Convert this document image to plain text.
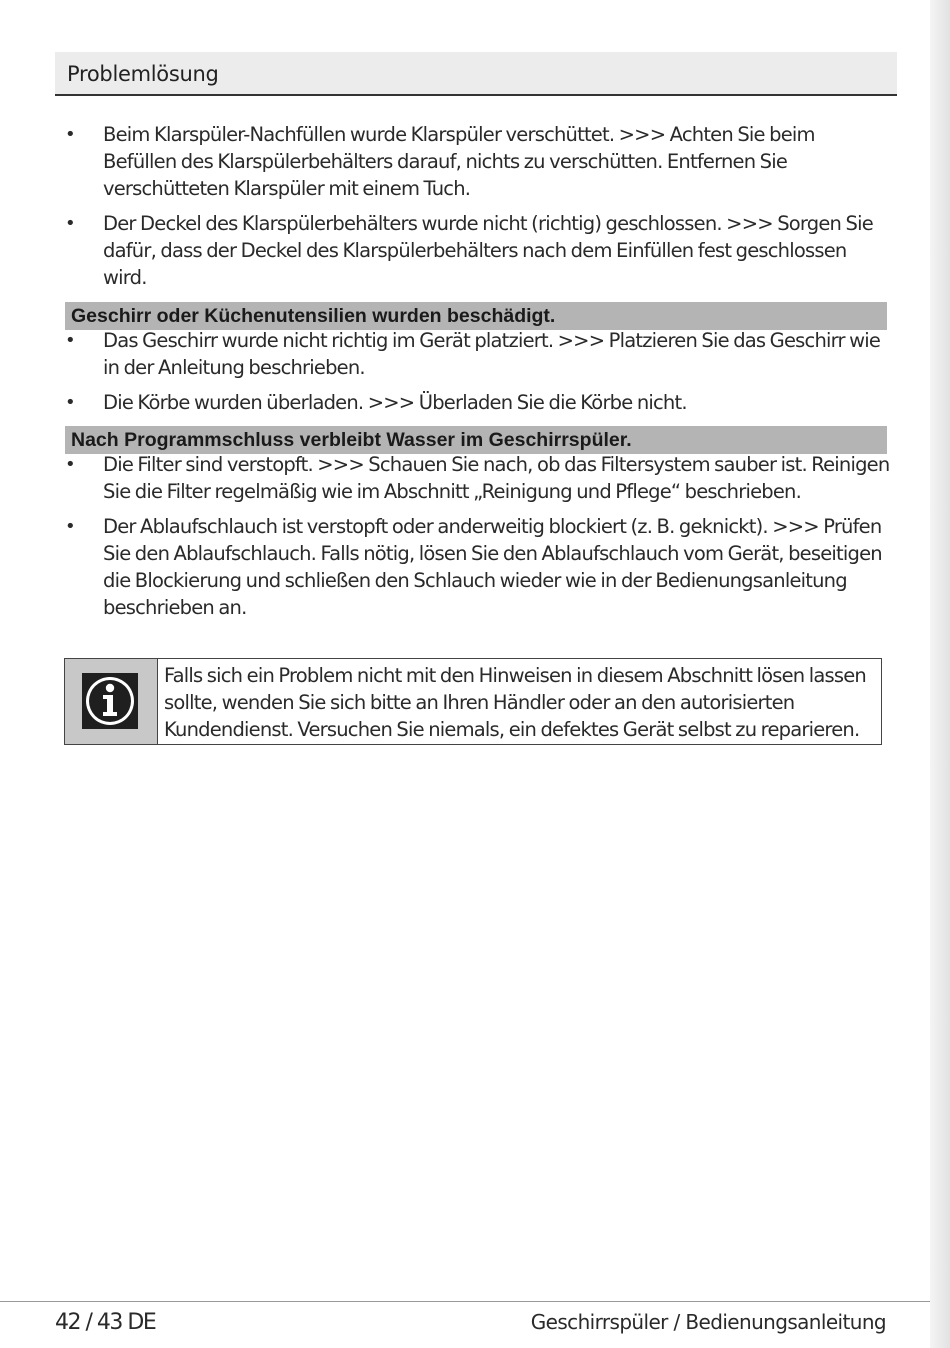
Problemlösung
• Beim Klarspüler-Nachfüllen wurde Klarspüler verschüttet. >>> Achten Sie beim Befüllen des Klarspülerbehälters darauf, nichts zu verschütten. Entfernen Sie verschütteten Klarspüler mit einem Tuch.
• Der Deckel des Klarspülerbehälters wurde nicht (richtig) geschlossen. >>> Sorgen Sie dafür, dass der Deckel des Klarspülerbehälters nach dem Einfüllen fest geschlossen wird.
Geschirr oder Küchenutensilien wurden beschädigt.
• Das Geschirr wurde nicht richtig im Gerät platziert. >>> Platzieren Sie das Geschirr wie in der Anleitung beschrieben.
• Die Körbe wurden überladen. >>> Überladen Sie die Körbe nicht.
Nach Programmschluss verbleibt Wasser im Geschirrspüler.
• Die Filter sind verstopft. >>> Schauen Sie nach, ob das Filtersystem sauber ist. Reinigen Sie die Filter regelmäßig wie im Abschnitt „Reinigung und Pflege“ beschrieben.
• Der Ablaufschlauch ist verstopft oder anderweitig blockiert (z. B. geknickt). >>> Prüfen Sie den Ablaufschlauch. Falls nötig, lösen Sie den Ablaufschlauch vom Gerät, beseitigen die Blockierung und schließen den Schlauch wieder wie in der Bedienungsanleitung beschrieben an.
Falls sich ein Problem nicht mit den Hinweisen in diesem Abschnitt lösen lassen sollte, wenden Sie sich bitte an Ihren Händler oder an den autorisierten Kundendienst. Versuchen Sie niemals, ein defektes Gerät selbst zu reparieren.
42 / 43 DE	Geschirrspüler / Bedienungsanleitung
